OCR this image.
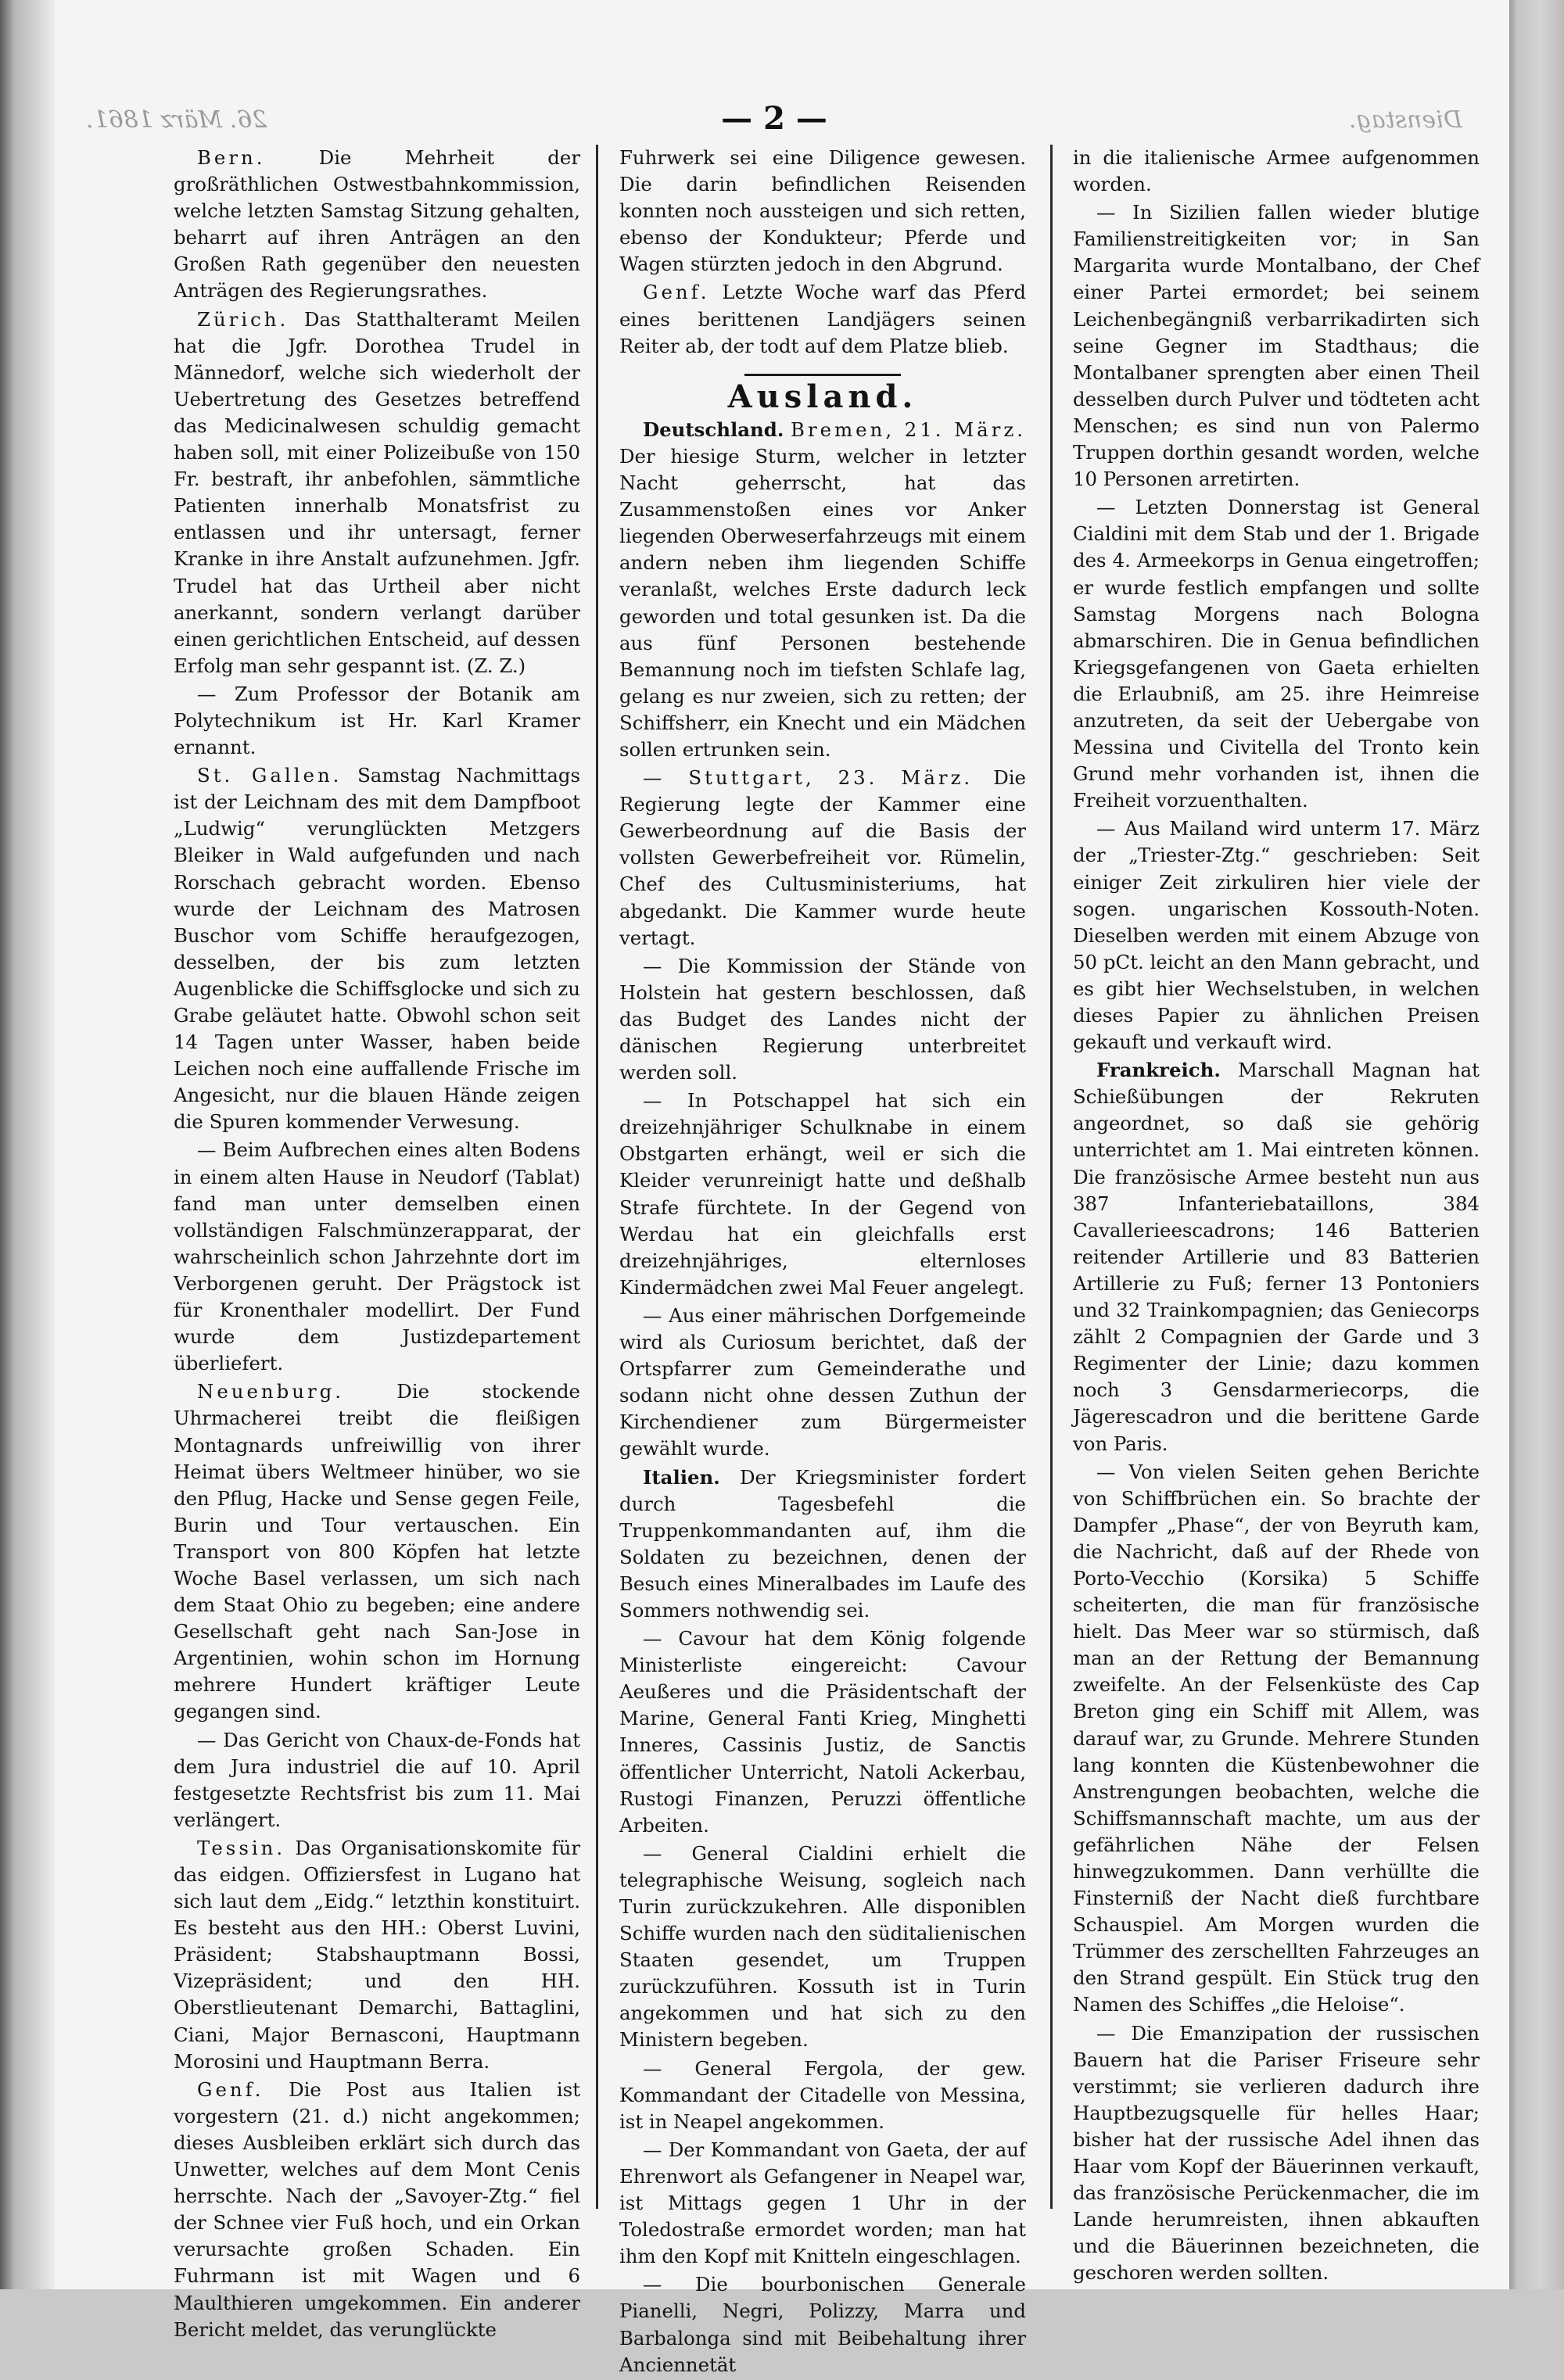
26. März 1861.	— 2 —	Dienstag.

Bern.	Die Mehrheit der großräthlichen Ostwestbahnkommission, welche letzten Samstag Sitzung gehalten, beharrt auf ihren Anträgen an den Großen Rath gegenüber den neuesten Anträgen des Regierungsrathes.

Zürich. Das Statthalteramt Meilen hat die Jgfr. Dorothea Trudel in Männedorf, welche sich wiederholt der Uebertretung des Gesetzes betreffend das Medicinalwesen schuldig gemacht haben soll, mit einer Polizeibuße von 150 Fr. bestraft, ihr anbefohlen, sämmtliche Patienten innerhalb Monatsfrist zu entlassen und ihr untersagt, ferner Kranke in ihre Anstalt aufzunehmen. Jgfr. Trudel hat das Urtheil aber nicht anerkannt, sondern verlangt darüber einen gerichtlichen Entscheid, auf dessen Erfolg man sehr gespannt ist. (Z. Z.)

— Zum Professor der Botanik am Polytechnikum ist Hr. Karl Kramer ernannt.

St. Gallen. Samstag Nachmittags ist der Leichnam des mit dem Dampfboot „Ludwig“ verunglückten Metzgers Bleiker in Wald aufgefunden und nach Rorschach gebracht worden. Ebenso wurde der Leichnam des Matrosen Buschor vom Schiffe heraufgezogen, desselben, der bis zum letzten Augenblicke die Schiffsglocke und sich zu Grabe geläutet hatte. Obwohl schon seit 14 Tagen unter Wasser, haben beide Leichen noch eine auffallende Frische im Angesicht, nur die blauen Hände zeigen die Spuren kommender Verwesung.

— Beim Aufbrechen eines alten Bodens in einem alten Hause in Neudorf (Tablat) fand man unter demselben einen vollständigen Falschmünzerapparat, der wahrscheinlich schon Jahrzehnte dort im Verborgenen geruht. Der Prägstock ist für Kronenthaler modellirt. Der Fund wurde dem Justizdepartement überliefert.

Neuenburg.	Die stockende Uhrmacherei treibt die fleißigen Montagnards unfreiwillig von ihrer Heimat übers Weltmeer hinüber, wo sie den Pflug, Hacke und Sense gegen Feile, Burin und Tour vertauschen. Ein Transport von 800 Köpfen hat letzte Woche Basel verlassen, um sich nach dem Staat Ohio zu begeben; eine andere Gesellschaft geht nach San-Jose in Argentinien, wohin schon im Hornung mehrere Hundert kräftiger Leute gegangen sind.

— Das Gericht von Chaux-de-Fonds hat dem Jura industriel die auf 10. April festgesetzte Rechtsfrist bis zum 11. Mai verlängert.

Tessin. Das Organisationskomite für das eidgen. Offiziersfest in Lugano hat sich laut dem „Eidg.“ letzthin konstituirt. Es besteht aus den HH.: Oberst Luvini, Präsident; Stabshauptmann Bossi, Vizepräsident; und den HH. Oberstlieutenant Demarchi, Battaglini, Ciani, Major Bernasconi, Hauptmann Morosini und Hauptmann Berra.

Genf. Die Post aus Italien ist vorgestern (21. d.) nicht angekommen; dieses Ausbleiben erklärt sich durch das Unwetter, welches auf dem Mont Cenis herrschte. Nach der „Savoyer-Ztg.“ fiel der Schnee vier Fuß hoch, und ein Orkan verursachte großen Schaden. Ein Fuhrmann ist mit Wagen und 6 Maulthieren umgekommen. Ein anderer Bericht meldet, das verunglückte

Fuhrwerk sei eine Diligence gewesen. Die darin befindlichen Reisenden konnten noch aussteigen und sich retten, ebenso der Kondukteur; Pferde und Wagen stürzten jedoch in den Abgrund.

Genf. Letzte Woche warf das Pferd eines berittenen Landjägers seinen Reiter ab, der todt auf dem Platze blieb.

Ausland.

Deutschland. Bremen, 21. März. Der hiesige Sturm, welcher in letzter Nacht geherrscht, hat das Zusammenstoßen eines vor Anker liegenden Oberweserfahrzeugs mit einem andern neben ihm liegenden Schiffe veranlaßt, welches Erste dadurch leck geworden und total gesunken ist. Da die aus fünf Personen bestehende Bemannung noch im tiefsten Schlafe lag, gelang es nur zweien, sich zu retten; der Schiffsherr, ein Knecht und ein Mädchen sollen ertrunken sein.

— Stuttgart, 23. März. Die Regierung legte der Kammer eine Gewerbeordnung auf die Basis der vollsten Gewerbefreiheit vor. Rümelin, Chef des Cultusministeriums, hat abgedankt. Die Kammer wurde heute vertagt.

— Die Kommission der Stände von Holstein hat gestern beschlossen, daß das Budget des Landes nicht der dänischen Regierung unterbreitet werden soll.

— In Potschappel hat sich ein dreizehnjähriger Schulknabe in einem Obstgarten erhängt, weil er sich die Kleider verunreinigt hatte und deßhalb Strafe fürchtete. In der Gegend von Werdau hat ein gleichfalls erst dreizehnjähriges, elternloses Kindermädchen zwei Mal Feuer angelegt.

— Aus einer mährischen Dorfgemeinde wird als Curiosum berichtet, daß der Ortspfarrer zum Gemeinderathe und sodann nicht ohne dessen Zuthun der Kirchendiener zum Bürgermeister gewählt wurde.

Italien. Der Kriegsminister fordert durch Tagesbefehl die Truppenkommandanten auf, ihm die Soldaten zu bezeichnen, denen der Besuch eines Mineralbades im Laufe des Sommers nothwendig sei.

— Cavour hat dem König folgende Ministerliste eingereicht: Cavour Aeußeres und die Präsidentschaft der Marine, General Fanti Krieg, Minghetti Inneres, Cassinis Justiz, de Sanctis öffentlicher Unterricht, Natoli Ackerbau, Rustogi Finanzen, Peruzzi öffentliche Arbeiten.

— General Cialdini erhielt die telegraphische Weisung, sogleich nach Turin zurückzukehren. Alle disponiblen Schiffe wurden nach den süditalienischen Staaten gesendet, um Truppen zurückzuführen. Kossuth ist in Turin angekommen und hat sich zu den Ministern begeben.

— General Fergola, der gew. Kommandant der Citadelle von Messina, ist in Neapel angekommen.

— Der Kommandant von Gaeta, der auf Ehrenwort als Gefangener in Neapel war, ist Mittags gegen 1 Uhr in der Toledostraße ermordet worden; man hat ihm den Kopf mit Knitteln eingeschlagen.

— Die bourbonischen Generale Pianelli, Negri, Polizzy, Marra und Barbalonga sind mit Beibehaltung ihrer Anciennetät

in die italienische Armee aufgenommen worden.

— In Sizilien fallen wieder blutige Familienstreitigkeiten vor; in San Margarita wurde Montalbano, der Chef einer Partei ermordet; bei seinem Leichenbegängniß verbarrikadirten sich seine Gegner im Stadthaus; die Montalbaner sprengten aber einen Theil desselben durch Pulver und tödteten acht Menschen; es sind nun von Palermo Truppen dorthin gesandt worden, welche 10 Personen arretirten.

— Letzten Donnerstag ist General Cialdini mit dem Stab und der 1. Brigade des 4. Armeekorps in Genua eingetroffen; er wurde festlich empfangen und sollte Samstag Morgens nach Bologna abmarschiren. Die in Genua befindlichen Kriegsgefangenen von Gaeta erhielten die Erlaubniß, am 25. ihre Heimreise anzutreten, da seit der Uebergabe von Messina und Civitella del Tronto kein Grund mehr vorhanden ist, ihnen die Freiheit vorzuenthalten.

— Aus Mailand wird unterm 17. März der „Triester-Ztg.“ geschrieben: Seit einiger Zeit zirkuliren hier viele der sogen. ungarischen Kossouth-Noten. Dieselben werden mit einem Abzuge von 50 pCt. leicht an den Mann gebracht, und es gibt hier Wechselstuben, in welchen dieses Papier zu ähnlichen Preisen gekauft und verkauft wird.

Frankreich. Marschall Magnan hat Schießübungen der Rekruten angeordnet, so daß sie gehörig unterrichtet am 1. Mai eintreten können. Die französische Armee besteht nun aus 387 Infanteriebataillons, 384 Cavallerieescadrons; 146 Batterien reitender Artillerie und 83 Batterien Artillerie zu Fuß; ferner 13 Pontoniers und 32 Trainkompagnien; das Geniecorps zählt 2 Compagnien der Garde und 3 Regimenter der Linie; dazu kommen noch 3 Gensdarmeriecorps, die Jägerescadron und die berittene Garde von Paris.

— Von vielen Seiten gehen Berichte von Schiffbrüchen ein. So brachte der Dampfer „Phase“, der von Beyruth kam, die Nachricht, daß auf der Rhede von Porto-Vecchio (Korsika) 5 Schiffe scheiterten, die man für französische hielt. Das Meer war so stürmisch, daß man an der Rettung der Bemannung zweifelte. An der Felsenküste des Cap Breton ging ein Schiff mit Allem, was darauf war, zu Grunde. Mehrere Stunden lang konnten die Küstenbewohner die Anstrengungen beobachten, welche die Schiffsmannschaft machte, um aus der gefährlichen Nähe der Felsen hinwegzukommen. Dann verhüllte die Finsterniß der Nacht dieß furchtbare Schauspiel. Am Morgen wurden die Trümmer des zerschellten Fahrzeuges an den Strand gespült. Ein Stück trug den Namen des Schiffes „die Heloise“.

— Die Emanzipation der russischen Bauern hat die Pariser Friseure sehr verstimmt; sie verlieren dadurch ihre Hauptbezugsquelle für helles Haar; bisher hat der russische Adel ihnen das Haar vom Kopf der Bäuerinnen verkauft, das französische Perückenmacher, die im Lande herumreisten, ihnen abkauften und die Bäuerinnen bezeichneten, die geschoren werden sollten.
